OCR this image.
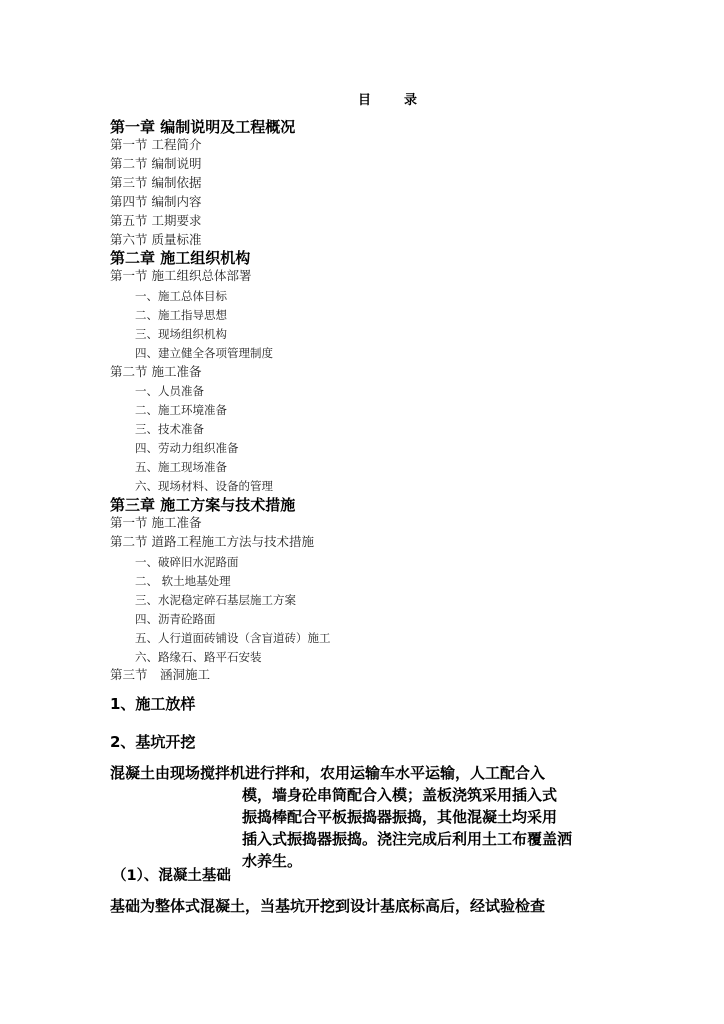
目　录
第一章 编制说明及工程概况
第一节 工程简介
第二节 编制说明
第三节 编制依据
第四节 编制内容
第五节 工期要求
第六节 质量标准
第二章 施工组织机构
第一节 施工组织总体部署
一、施工总体目标
二、施工指导思想
三、现场组织机构
四、建立健全各项管理制度
第二节 施工准备
一、人员准备
二、施工环境准备
三、技术准备
四、劳动力组织准备
五、施工现场准备
六、现场材料、设备的管理
第三章 施工方案与技术措施
第一节 施工准备
第二节 道路工程施工方法与技术措施
一、破碎旧水泥路面
二、 软土地基处理
三、水泥稳定碎石基层施工方案
四、沥青砼路面
五、人行道面砖铺设（含盲道砖）施工
六、路缘石、路平石安装
第三节　涵洞施工
1、施工放样
2、基坑开挖
混凝土由现场搅拌机进行拌和，农用运输车水平运输，人工配合入
模，墙身砼串筒配合入模；盖板浇筑采用插入式
振捣棒配合平板振捣器振捣，其他混凝土均采用
插入式振捣器振捣。浇注完成后利用土工布覆盖洒
水养生。
（1）、混凝土基础
基础为整体式混凝土，当基坑开挖到设计基底标高后，经试验检查
